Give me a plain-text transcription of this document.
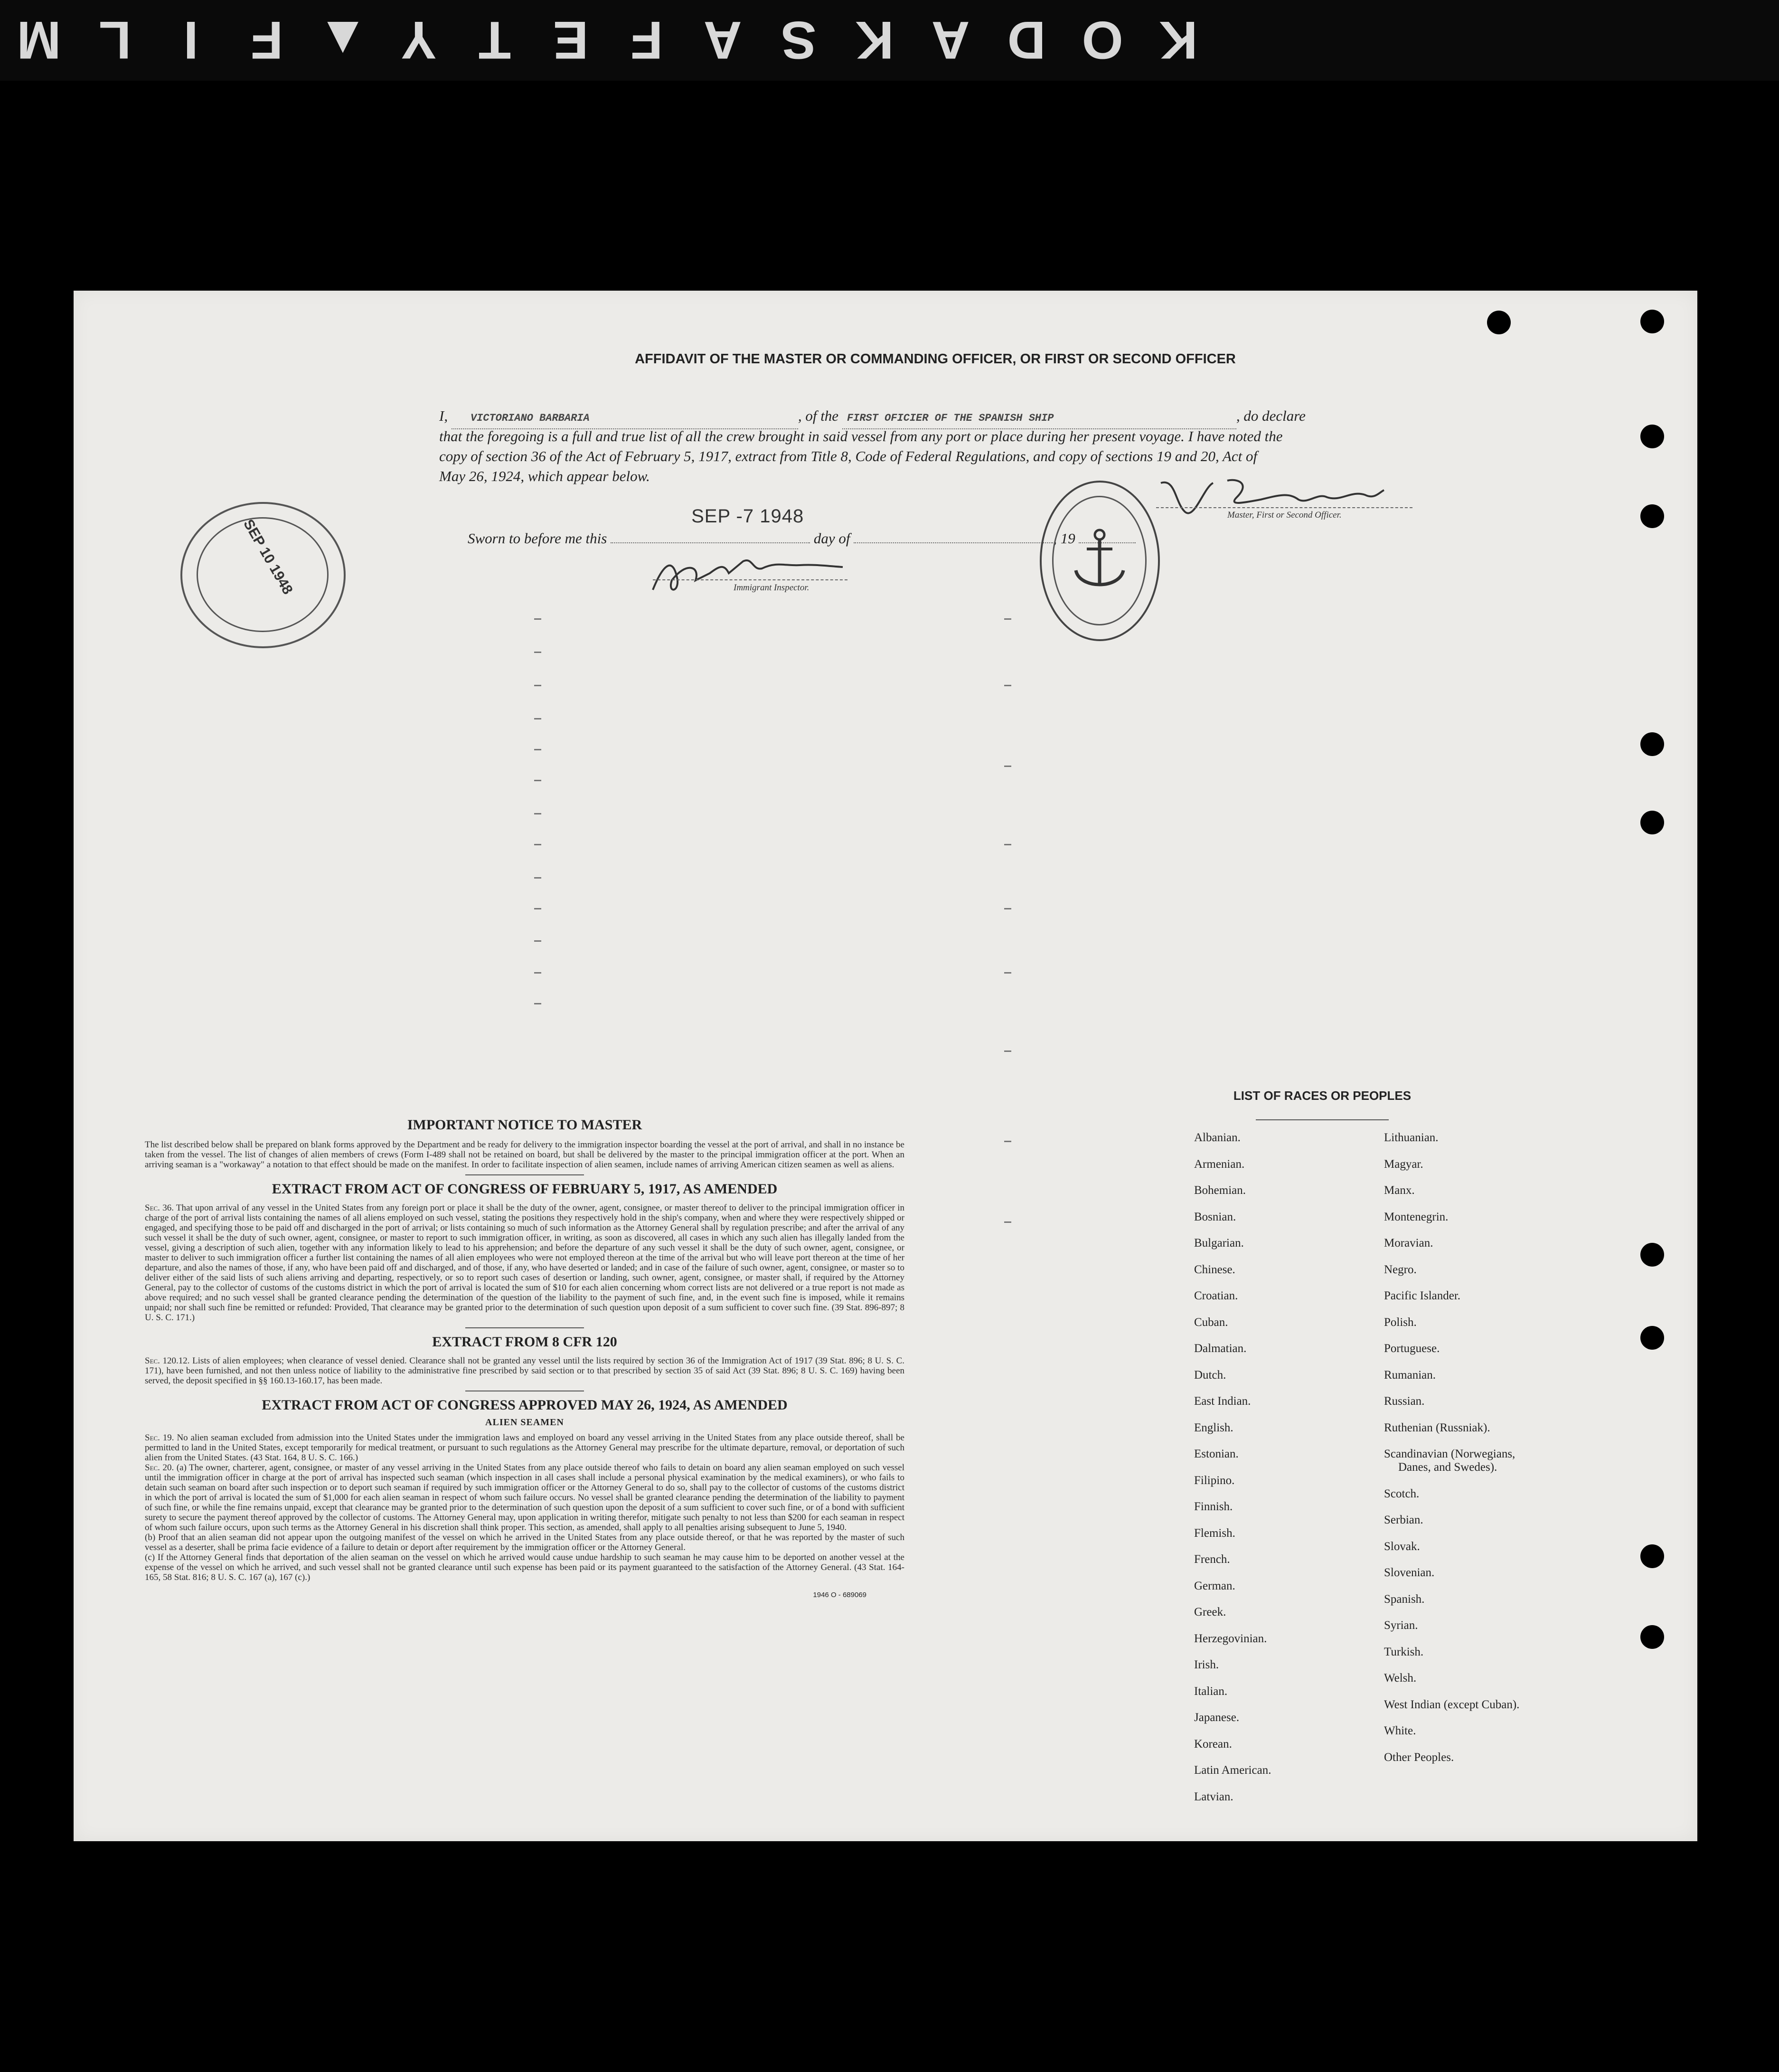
K
O
D
A
K
S
A
F
E
T
Y
▲
F
I
L
M
AFFIDAVIT OF THE MASTER OR COMMANDING OFFICER, OR FIRST OR SECOND OFFICER
I, VICTORIANO BARBARIA	, of the FIRST OFICIER OF THE SPANISH SHIP	, do declare
that the foregoing is a full and true list of all the crew brought in said vessel from any port or place during her present voyage. I have noted the
copy of section 36 of the Act of February 5, 1917, extract from Title 8, Code of Federal Regulations, and copy of sections 19 and 20, Act of
May 26, 1924, which appear below.
Sworn to before me this
SEP -7 1948
day of	, 19
Immigrant Inspector.
Master, First or Second Officer.
SEP 10 1948
IMPORTANT NOTICE TO MASTER
The list described below shall be prepared on blank forms approved by the Department and be ready for delivery to the immigration inspector boarding the vessel at the port of arrival, and shall in no instance be taken from the vessel. The list of changes of alien members of crews (Form I-489 shall not be retained on board, but shall be delivered by the master to the principal immigration officer at the port. When an arriving seaman is a "workaway" a notation to that effect should be made on the manifest. In order to facilitate inspection of alien seamen, include names of arriving American citizen seamen as well as aliens.
EXTRACT FROM ACT OF CONGRESS OF FEBRUARY 5, 1917, AS AMENDED
Sec. 36. That upon arrival of any vessel in the United States from any foreign port or place it shall be the duty of the owner, agent, consignee, or master thereof to deliver to the principal immigration officer in charge of the port of arrival lists containing the names of all aliens employed on such vessel, stating the positions they respectively hold in the ship's company, when and where they were respectively shipped or engaged, and specifying those to be paid off and discharged in the port of arrival; or lists containing so much of such information as the Attorney General shall by regulation prescribe; and after the arrival of any such vessel it shall be the duty of such owner, agent, consignee, or master to report to such immigration officer, in writing, as soon as discovered, all cases in which any such alien has illegally landed from the vessel, giving a description of such alien, together with any information likely to lead to his apprehension; and before the departure of any such vessel it shall be the duty of such owner, agent, consignee, or master to deliver to such immigration officer a further list containing the names of all alien employees who were not employed thereon at the time of the arrival but who will leave port thereon at the time of her departure, and also the names of those, if any, who have been paid off and discharged, and of those, if any, who have deserted or landed; and in case of the failure of such owner, agent, consignee, or master so to deliver either of the said lists of such aliens arriving and departing, respectively, or so to report such cases of desertion or landing, such owner, agent, consignee, or master shall, if required by the Attorney General, pay to the collector of customs of the customs district in which the port of arrival is located the sum of $10 for each alien concerning whom correct lists are not delivered or a true report is not made as above required; and no such vessel shall be granted clearance pending the determination of the question of the liability to the payment of such fine, and, in the event such fine is imposed, while it remains unpaid; nor shall such fine be remitted or refunded: Provided, That clearance may be granted prior to the determination of such question upon deposit of a sum sufficient to cover such fine. (39 Stat. 896-897; 8 U. S. C. 171.)
EXTRACT FROM 8 CFR 120
Sec. 120.12. Lists of alien employees; when clearance of vessel denied. Clearance shall not be granted any vessel until the lists required by section 36 of the Immigration Act of 1917 (39 Stat. 896; 8 U. S. C. 171), have been furnished, and not then unless notice of liability to the administrative fine prescribed by said section or to that prescribed by section 35 of said Act (39 Stat. 896; 8 U. S. C. 169) having been served, the deposit specified in §§ 160.13-160.17, has been made.
EXTRACT FROM ACT OF CONGRESS APPROVED MAY 26, 1924, AS AMENDED
ALIEN SEAMEN
Sec. 19. No alien seaman excluded from admission into the United States under the immigration laws and employed on board any vessel arriving in the United States from any place outside thereof, shall be permitted to land in the United States, except temporarily for medical treatment, or pursuant to such regulations as the Attorney General may prescribe for the ultimate departure, removal, or deportation of such alien from the United States. (43 Stat. 164, 8 U. S. C. 166.)
Sec. 20. (a) The owner, charterer, agent, consignee, or master of any vessel arriving in the United States from any place outside thereof who fails to detain on board any alien seaman employed on such vessel until the immigration officer in charge at the port of arrival has inspected such seaman (which inspection in all cases shall include a personal physical examination by the medical examiners), or who fails to detain such seaman on board after such inspection or to deport such seaman if required by such immigration officer or the Attorney General to do so, shall pay to the collector of customs of the customs district in which the port of arrival is located the sum of $1,000 for each alien seaman in respect of whom such failure occurs. No vessel shall be granted clearance pending the determination of the liability to payment of such fine, or while the fine remains unpaid, except that clearance may be granted prior to the determination of such question upon the deposit of a sum sufficient to cover such fine, or of a bond with sufficient surety to secure the payment thereof approved by the collector of customs. The Attorney General may, upon application in writing therefor, mitigate such penalty to not less than $200 for each seaman in respect of whom such failure occurs, upon such terms as the Attorney General in his discretion shall think proper. This section, as amended, shall apply to all penalties arising subsequent to June 5, 1940.
(b) Proof that an alien seaman did not appear upon the outgoing manifest of the vessel on which he arrived in the United States from any place outside thereof, or that he was reported by the master of such vessel as a deserter, shall be prima facie evidence of a failure to detain or deport after requirement by the immigration officer or the Attorney General.
(c) If the Attorney General finds that deportation of the alien seaman on the vessel on which he arrived would cause undue hardship to such seaman he may cause him to be deported on another vessel at the expense of the vessel on which he arrived, and such vessel shall not be granted clearance until such expense has been paid or its payment guaranteed to the satisfaction of the Attorney General. (43 Stat. 164-165, 58 Stat. 816; 8 U. S. C. 167 (a), 167 (c).)
1946 O - 689069
LIST OF RACES OR PEOPLES
Albanian.
Armenian.
Bohemian.
Bosnian.
Bulgarian.
Chinese.
Croatian.
Cuban.
Dalmatian.
Dutch.
East Indian.
English.
Estonian.
Filipino.
Finnish.
Flemish.
French.
German.
Greek.
Herzegovinian.
Irish.
Italian.
Japanese.
Korean.
Latin American.
Latvian.
Lithuanian.
Magyar.
Manx.
Montenegrin.
Moravian.
Negro.
Pacific Islander.
Polish.
Portuguese.
Rumanian.
Russian.
Ruthenian (Russniak).
Scandinavian (Norwegians,
Danes, and Swedes).
Scotch.
Serbian.
Slovak.
Slovenian.
Spanish.
Syrian.
Turkish.
Welsh.
West Indian (except Cuban).
White.
Other Peoples.
